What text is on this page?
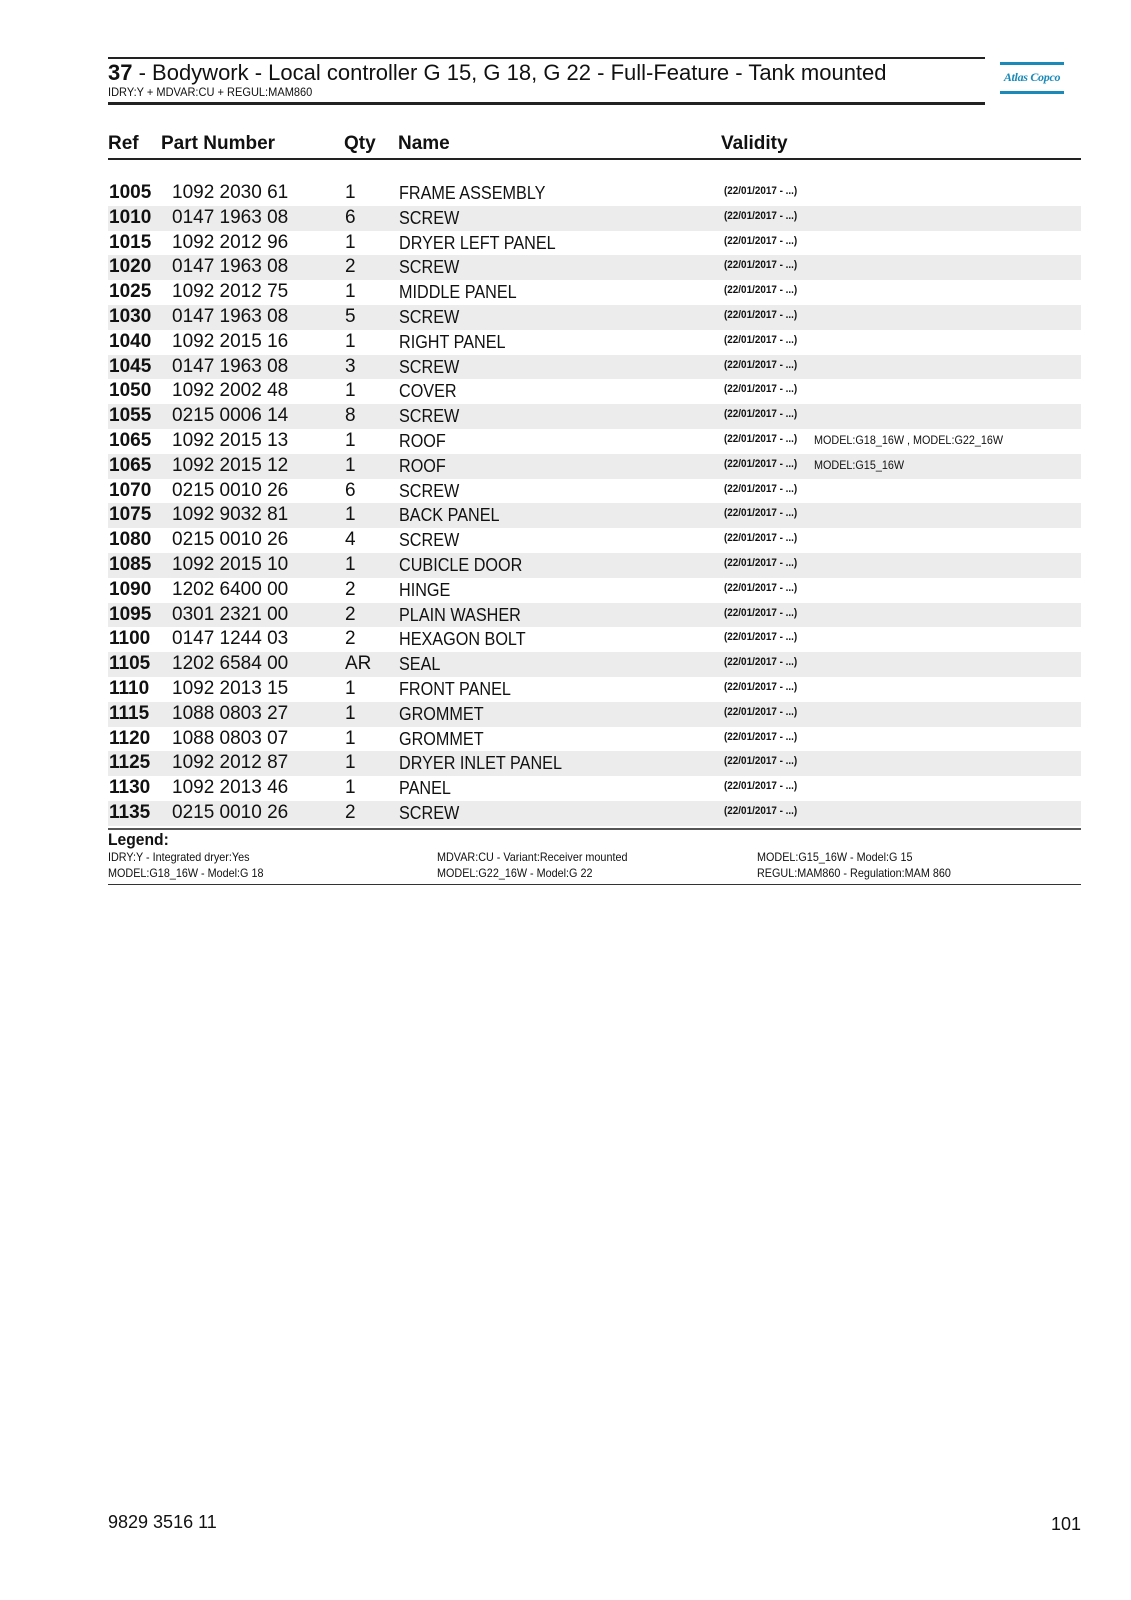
37 - Bodywork - Local controller G 15, G 18, G 22 - Full-Feature - Tank mounted
IDRY:Y + MDVAR:CU + REGUL:MAM860
Atlas Copco
Ref Part Number	Qty Name	Validity
1005 1092 2030 61	1 FRAME ASSEMBLY	(22/01/2017 - ...)
1010 0147 1963 08	6 SCREW	(22/01/2017 - ...)
1015 1092 2012 96	1 DRYER LEFT PANEL	(22/01/2017 - ...)
1020 0147 1963 08	2 SCREW	(22/01/2017 - ...)
1025 1092 2012 75	1 MIDDLE PANEL	(22/01/2017 - ...)
1030 0147 1963 08	5 SCREW	(22/01/2017 - ...)
1040 1092 2015 16	1 RIGHT PANEL	(22/01/2017 - ...)
1045 0147 1963 08	3 SCREW	(22/01/2017 - ...)
1050 1092 2002 48	1 COVER	(22/01/2017 - ...)
1055 0215 0006 14	8 SCREW	(22/01/2017 - ...)
1065 1092 2015 13	1 ROOF	(22/01/2017 - ...) MODEL:G18_16W , MODEL:G22_16W
1065 1092 2015 12	1 ROOF	(22/01/2017 - ...) MODEL:G15_16W
1070 0215 0010 26	6 SCREW	(22/01/2017 - ...)
1075 1092 9032 81	1 BACK PANEL	(22/01/2017 - ...)
1080 0215 0010 26	4 SCREW	(22/01/2017 - ...)
1085 1092 2015 10	1 CUBICLE DOOR	(22/01/2017 - ...)
1090 1202 6400 00	2 HINGE	(22/01/2017 - ...)
1095 0301 2321 00	2 PLAIN WASHER	(22/01/2017 - ...)
1100 0147 1244 03	2 HEXAGON BOLT	(22/01/2017 - ...)
1105 1202 6584 00	AR SEAL	(22/01/2017 - ...)
1110 1092 2013 15	1 FRONT PANEL	(22/01/2017 - ...)
1115 1088 0803 27	1 GROMMET	(22/01/2017 - ...)
1120 1088 0803 07	1 GROMMET	(22/01/2017 - ...)
1125 1092 2012 87	1 DRYER INLET PANEL	(22/01/2017 - ...)
1130 1092 2013 46	1 PANEL	(22/01/2017 - ...)
1135 0215 0010 26	2 SCREW	(22/01/2017 - ...)
Legend:
IDRY:Y - Integrated dryer:Yes	MDVAR:CU - Variant:Receiver mounted	MODEL:G15_16W - Model:G 15
MODEL:G18_16W - Model:G 18	MODEL:G22_16W - Model:G 22	REGUL:MAM860 - Regulation:MAM 860
9829 3516 11	101
